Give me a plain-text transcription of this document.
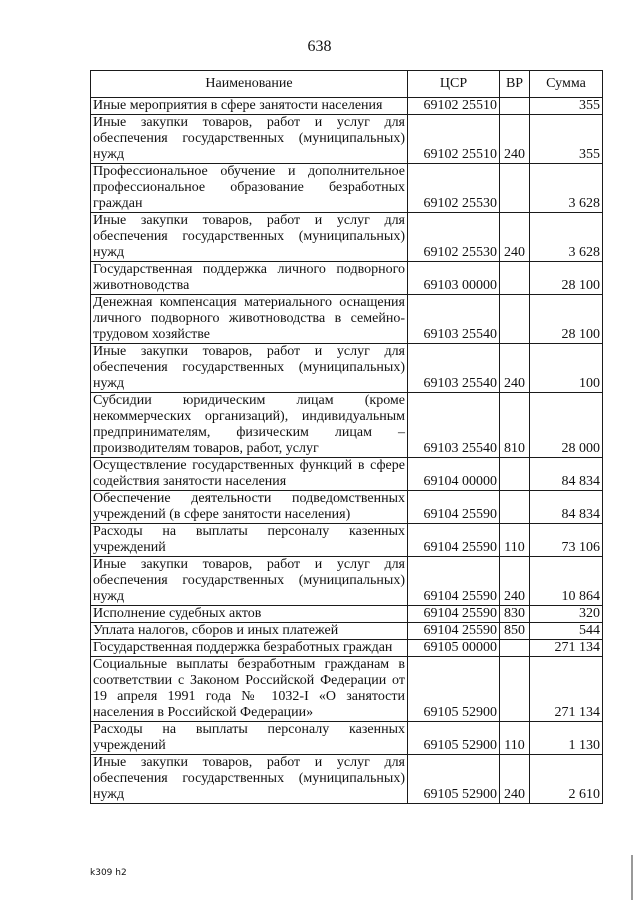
638
Наименование	ЦСР	ВР	Сумма
Иные мероприятия в сфере занятости населения	69102 25510		355
Иные закупки товаров, работ и услуг для обеспечения государственных (муниципальных) нужд	69102 25510	240	355
Профессиональное обучение и дополнительное профессиональное образование безработных граждан	69102 25530		3 628
Иные закупки товаров, работ и услуг для обеспечения государственных (муниципальных) нужд	69102 25530	240	3 628
Государственная поддержка личного подворного животноводства	69103 00000		28 100
Денежная компенсация материального оснащения личного подворного животноводства в семейно-трудовом хозяйстве	69103 25540		28 100
Иные закупки товаров, работ и услуг для обеспечения государственных (муниципальных) нужд	69103 25540	240	100
Субсидии юридическим лицам (кроме некоммерческих организаций), индивидуальным предпринимателям, физическим лицам – производителям товаров, работ, услуг	69103 25540	810	28 000
Осуществление государственных функций в сфере содействия занятости населения	69104 00000		84 834
Обеспечение деятельности подведомственных учреждений (в сфере занятости населения)	69104 25590		84 834
Расходы на выплаты персоналу казенных учреждений	69104 25590	110	73 106
Иные закупки товаров, работ и услуг для обеспечения государственных (муниципальных) нужд	69104 25590	240	10 864
Исполнение судебных актов	69104 25590	830	320
Уплата налогов, сборов и иных платежей	69104 25590	850	544
Государственная поддержка безработных граждан	69105 00000		271 134
Социальные выплаты безработным гражданам в соответствии с Законом Российской Федерации от 19 апреля 1991 года № 1032-I «О занятости населения в Российской Федерации»	69105 52900		271 134
Расходы на выплаты персоналу казенных учреждений	69105 52900	110	1 130
Иные закупки товаров, работ и услуг для обеспечения государственных (муниципальных) нужд	69105 52900	240	2 610
k309 h2
